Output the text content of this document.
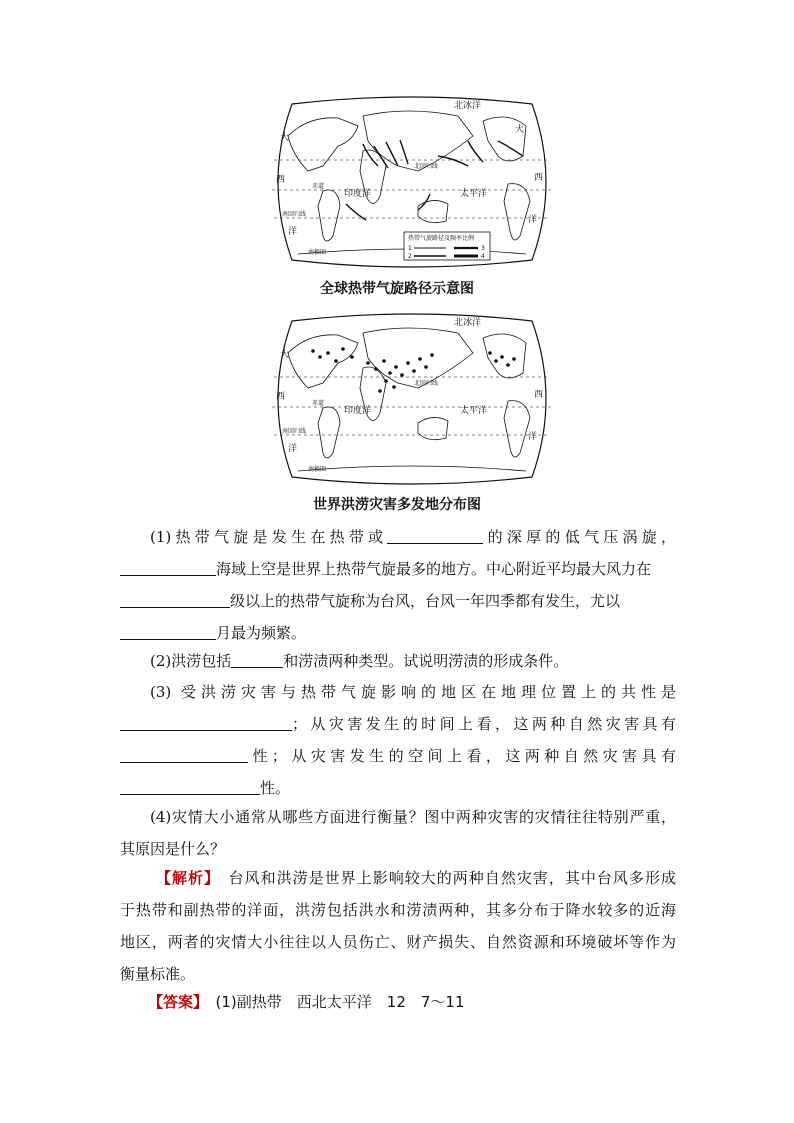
热带气旋路径及频率比例
1
2
3
4
北冰洋
大
大
西	西
洋
洋
赤道
印度洋	太平洋
北回归线
南回归线
南极圈
全球热带气旋路径示意图
北冰洋
大
西	西
洋
洋
赤道
印度洋	太平洋
北回归线
南回归线
南极圈
世界洪涝灾害多发地分布图
(1)热带气旋是发生在热带或	的深厚的低气压涡旋，
海域上空是世界上热带气旋最多的地方。中心附近平均最大风力在
级以上的热带气旋称为台风，台风一年四季都有发生，尤以
月最为频繁。
(2)洪涝包括	和涝渍两种类型。试说明涝渍的形成条件。
(3) 受洪涝灾害与热带气旋影响的地区在地理位置上的共性是
；从灾害发生的时间上看，这两种自然灾害具有
性；从灾害发生的空间上看，这两种自然灾害具有
性。
(4)灾情大小通常从哪些方面进行衡量？图中两种灾害的灾情往往特别严重，
其原因是什么？
【解析】　 台风和洪涝是世界上影响较大的两种自然灾害，其中台风多形成
于热带和副热带的洋面，洪涝包括洪水和涝渍两种，其多分布于降水较多的近海
地区，两者的灾情大小往往以人员伤亡、财产损失、自然资源和环境破坏等作为
衡量标准。
【答案】　 (1)副热带　西北太平洋　12　7～11
